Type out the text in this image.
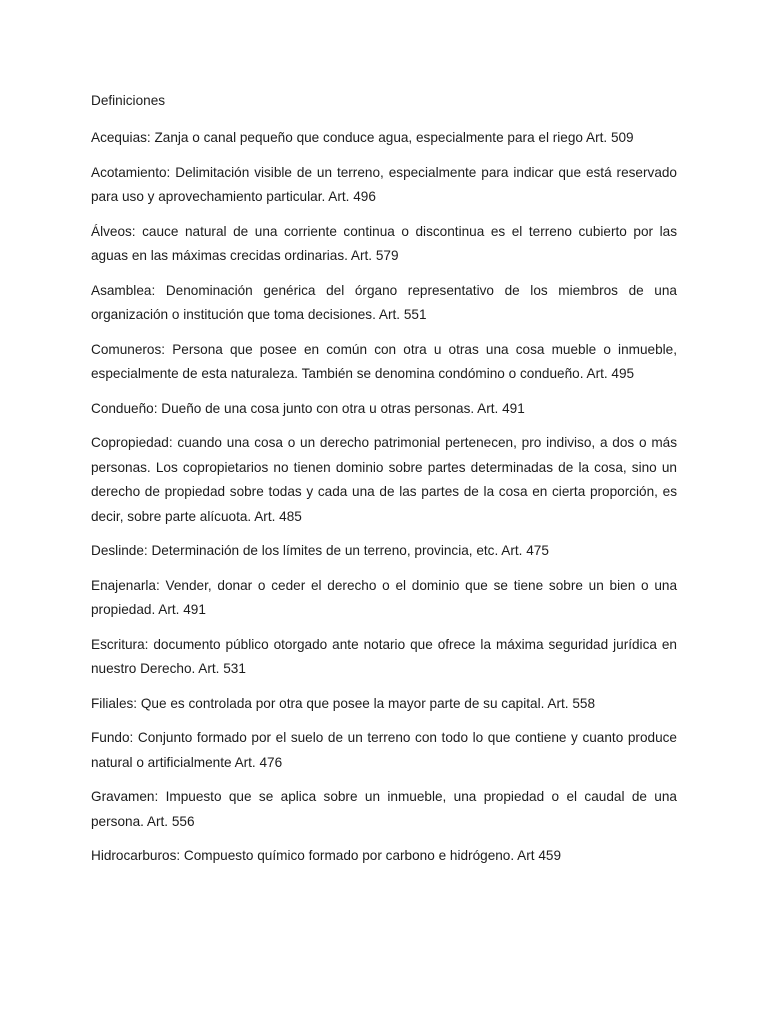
Definiciones

Acequias: Zanja o canal pequeño que conduce agua, especialmente para el riego Art. 509

Acotamiento: Delimitación visible de un terreno, especialmente para indicar que está reservado para uso y aprovechamiento particular. Art. 496

Álveos: cauce natural de una corriente continua o discontinua es el terreno cubierto por las aguas en las máximas crecidas ordinarias. Art. 579

Asamblea: Denominación genérica del órgano representativo de los miembros de una organización o institución que toma decisiones. Art. 551

Comuneros: Persona que posee en común con otra u otras una cosa mueble o inmueble, especialmente de esta naturaleza. También se denomina condómino o condueño. Art. 495

Condueño: Dueño de una cosa junto con otra u otras personas. Art. 491

Copropiedad: cuando una cosa o un derecho patrimonial pertenecen, pro indiviso, a dos o más personas. Los copropietarios no tienen dominio sobre partes determinadas de la cosa, sino un derecho de propiedad sobre todas y cada una de las partes de la cosa en cierta proporción, es decir, sobre parte alícuota. Art. 485

Deslinde: Determinación de los límites de un terreno, provincia, etc. Art. 475

Enajenarla: Vender, donar o ceder el derecho o el dominio que se tiene sobre un bien o una propiedad. Art. 491

Escritura: documento público otorgado ante notario que ofrece la máxima seguridad jurídica en nuestro Derecho. Art. 531

Filiales: Que es controlada por otra que posee la mayor parte de su capital. Art. 558

Fundo: Conjunto formado por el suelo de un terreno con todo lo que contiene y cuanto produce natural o artificialmente Art. 476

Gravamen: Impuesto que se aplica sobre un inmueble, una propiedad o el caudal de una persona. Art. 556

Hidrocarburos: Compuesto químico formado por carbono e hidrógeno. Art 459
